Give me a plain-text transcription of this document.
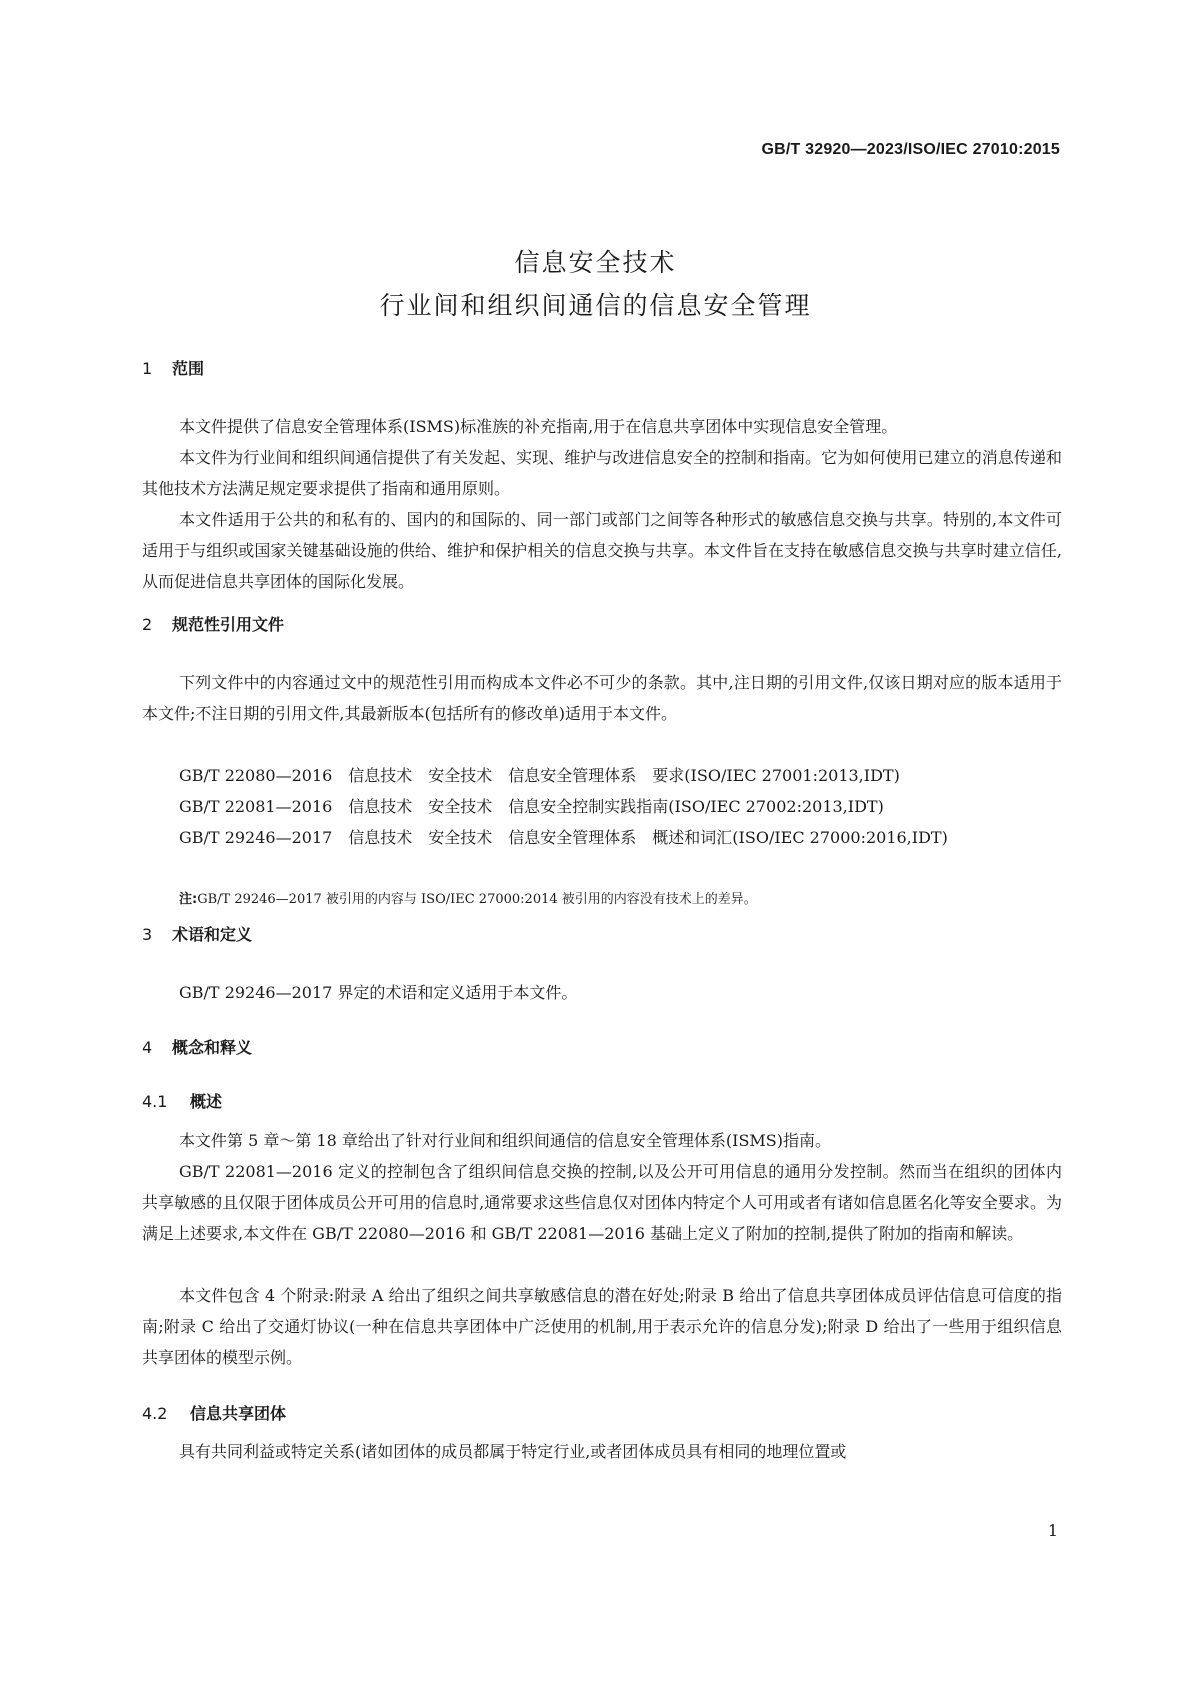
GB/T 32920—2023/ISO/IEC 27010:2015
信息安全技术
行业间和组织间通信的信息安全管理
1 范围
本文件提供了信息安全管理体系(ISMS)标准族的补充指南,用于在信息共享团体中实现信息安全管理。
本文件为行业间和组织间通信提供了有关发起、实现、维护与改进信息安全的控制和指南。它为如何使用已建立的消息传递和其他技术方法满足规定要求提供了指南和通用原则。
本文件适用于公共的和私有的、国内的和国际的、同一部门或部门之间等各种形式的敏感信息交换与共享。特别的,本文件可适用于与组织或国家关键基础设施的供给、维护和保护相关的信息交换与共享。本文件旨在支持在敏感信息交换与共享时建立信任,从而促进信息共享团体的国际化发展。
2 规范性引用文件
下列文件中的内容通过文中的规范性引用而构成本文件必不可少的条款。其中,注日期的引用文件,仅该日期对应的版本适用于本文件;不注日期的引用文件,其最新版本(包括所有的修改单)适用于本文件。
GB/T 22080—2016　信息技术　安全技术　信息安全管理体系　要求(ISO/IEC 27001:2013,IDT)
GB/T 22081—2016　信息技术　安全技术　信息安全控制实践指南(ISO/IEC 27002:2013,IDT)
GB/T 29246—2017　信息技术　安全技术　信息安全管理体系　概述和词汇(ISO/IEC 27000:2016,IDT)
注:GB/T 29246—2017 被引用的内容与 ISO/IEC 27000:2014 被引用的内容没有技术上的差异。
3 术语和定义
GB/T 29246—2017 界定的术语和定义适用于本文件。
4 概念和释义
4.1 概述
本文件第 5 章～第 18 章给出了针对行业间和组织间通信的信息安全管理体系(ISMS)指南。
GB/T 22081—2016 定义的控制包含了组织间信息交换的控制,以及公开可用信息的通用分发控制。然而当在组织的团体内共享敏感的且仅限于团体成员公开可用的信息时,通常要求这些信息仅对团体内特定个人可用或者有诸如信息匿名化等安全要求。为满足上述要求,本文件在 GB/T 22080—2016 和 GB/T 22081—2016 基础上定义了附加的控制,提供了附加的指南和解读。
本文件包含 4 个附录:附录 A 给出了组织之间共享敏感信息的潜在好处;附录 B 给出了信息共享团体成员评估信息可信度的指南;附录 C 给出了交通灯协议(一种在信息共享团体中广泛使用的机制,用于表示允许的信息分发);附录 D 给出了一些用于组织信息共享团体的模型示例。
4.2 信息共享团体
具有共同利益或特定关系(诸如团体的成员都属于特定行业,或者团体成员具有相同的地理位置或
1
